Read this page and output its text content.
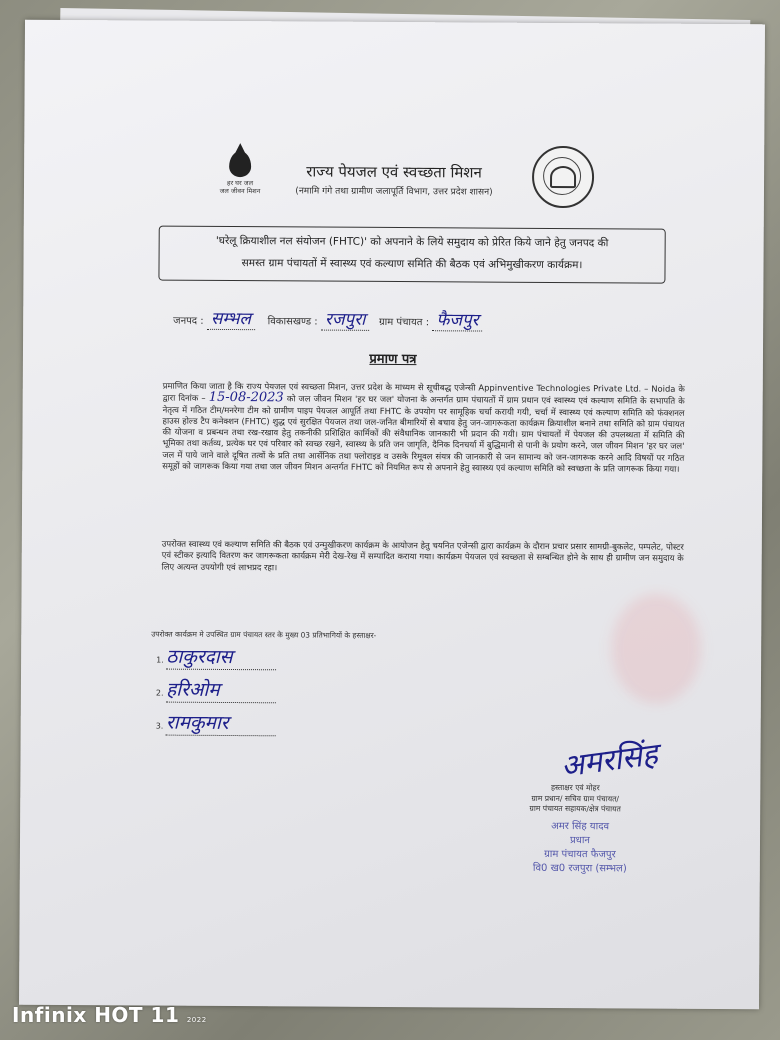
हर घर जल
जल जीवन मिशन
राज्य पेयजल एवं स्वच्छता मिशन
(नमामि गंगे तथा ग्रामीण जलापूर्ति विभाग, उत्तर प्रदेश शासन)
'घरेलू क्रियाशील नल संयोजन (FHTC)' को अपनाने के लिये समुदाय को प्रेरित किये जाने हेतु जनपद की
समस्त ग्राम पंचायतों में स्वास्थ्य एवं कल्याण समिति की बैठक एवं अभिमुखीकरण कार्यक्रम।
जनपद : सम्भल विकासखण्ड : रजपुरा ग्राम पंचायत : फैजपुर
प्रमाण पत्र
प्रमाणित किया जाता है कि राज्य पेयजल एवं स्वच्छता मिशन, उत्तर प्रदेश के माध्यम से सूचीबद्ध एजेन्सी Appinventive Technologies Private Ltd. – Noida के द्वारा दिनांक – 15-08-2023 को जल जीवन मिशन 'हर घर जल' योजना के अन्तर्गत ग्राम पंचायतों में ग्राम प्रधान एवं स्वास्थ्य एवं कल्याण समिति के सभापति के नेतृत्व में गठित टीम/मनरेगा टीम को ग्रामीण पाइप पेयजल आपूर्ति तथा FHTC के उपयोग पर सामूहिक चर्चा करायी गयी, चर्चा में स्वास्थ्य एवं कल्याण समिति को फंक्शनल हाउस होल्ड टैप कनेक्शन (FHTC) शुद्ध एवं सुरक्षित पेयजल तथा जल-जनित बीमारियों से बचाव हेतु जन-जागरूकता कार्यक्रम क्रियाशील बनाने तथा समिति को ग्राम पंचायत की योजना व प्रबन्धन तथा रख-रखाव हेतु तकनीकी प्रशिक्षित कार्मिकों की संवैधानिक जानकारी भी प्रदान की गयी। ग्राम पंचायतों में पेयजल की उपलब्धता में समिति की भूमिका तथा कर्तव्य, प्रत्येक घर एवं परिवार को स्वच्छ रखने, स्वास्थ्य के प्रति जन जागृति, दैनिक दिनचर्या में बुद्धिमानी से पानी के प्रयोग करने, जल जीवन मिशन 'हर घर जल' जल में पाये जाने वाले दूषित तत्वों के प्रति तथा आर्सेनिक तथा फ्लोराइड व उसके रिमूवल संयत्र की जानकारी से जन सामान्य को जन-जागरूक करने आदि विषयों पर गठित समूहों को जागरूक किया गया तथा जल जीवन मिशन अन्तर्गत FHTC को नियमित रूप से अपनाने हेतु स्वास्थ्य एवं कल्याण समिति को स्वच्छता के प्रति जागरूक किया गया।
उपरोक्त स्वास्थ्य एवं कल्याण समिति की बैठक एवं उन्मुखीकरण कार्यक्रम के आयोजन हेतु चयनित एजेन्सी द्वारा कार्यक्रम के दौरान प्रचार प्रसार सामग्री-बुकलेट, पम्पलेट, पोस्टर एवं स्टीकर इत्यादि वितरण कर जागरूकता कार्यक्रम मेरी देख-रेख में सम्पादित कराया गया। कार्यक्रम पेयजल एवं स्वच्छता से सम्बन्धित होने के साथ ही ग्रामीण जन समुदाय के लिए अत्यन्त उपयोगी एवं लाभप्रद रहा।
उपरोक्त कार्यक्रम मे उपस्थित ग्राम पंचायत स्तर के मुख्य 03 प्रतिभागियों के हस्ताक्षर-
1. ठाकुरदास
2. हरिओम
3. रामकुमार
अमरसिंह
हस्ताक्षर एवं मोहर
ग्राम प्रधान/ सचिव ग्राम पंचायत/
ग्राम पंचायत सहायक/क्षेत्र पंचायत
अमर सिंह यादव
प्रधान
ग्राम पंचायत फैजपुर
वि0 ख0 रजपुरा (सम्भल)
Infinix HOT 11 2022
